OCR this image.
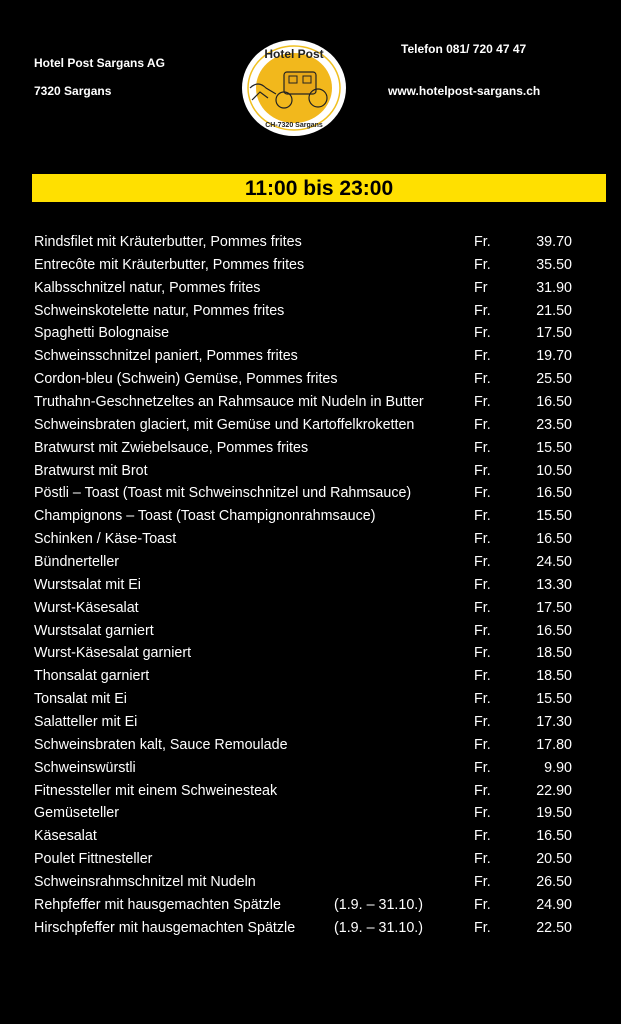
Hotel Post Sargans AG
7320 Sargans
Telefon 081/ 720 47 47
www.hotelpost-sargans.ch
Hotel Post
CH-7320 Sargans
11:00 bis 23:00
Rindsfilet mit Kräuterbutter, Pommes frites	Fr.	39.70
Entrecôte mit Kräuterbutter, Pommes frites	Fr.	35.50
Kalbsschnitzel natur, Pommes frites	Fr	31.90
Schweinskotelette natur, Pommes frites	Fr.	21.50
Spaghetti Bolognaise	Fr.	17.50
Schweinsschnitzel paniert, Pommes frites	Fr.	19.70
Cordon-bleu (Schwein) Gemüse, Pommes frites	Fr.	25.50
Truthahn-Geschnetzeltes an Rahmsauce mit Nudeln in Butter	Fr.	16.50
Schweinsbraten glaciert, mit Gemüse und Kartoffelkroketten	Fr.	23.50
Bratwurst mit Zwiebelsauce, Pommes frites	Fr.	15.50
Bratwurst mit Brot	Fr.	10.50
Pöstli – Toast (Toast mit Schweinschnitzel und Rahmsauce)	Fr.	16.50
Champignons – Toast (Toast Champignonrahmsauce)	Fr.	15.50
Schinken / Käse-Toast	Fr.	16.50
Bündnerteller	Fr.	24.50
Wurstsalat mit Ei	Fr.	13.30
Wurst-Käsesalat	Fr.	17.50
Wurstsalat garniert	Fr.	16.50
Wurst-Käsesalat garniert	Fr.	18.50
Thonsalat garniert	Fr.	18.50
Tonsalat mit Ei	Fr.	15.50
Salatteller mit Ei	Fr.	17.30
Schweinsbraten kalt, Sauce Remoulade	Fr.	17.80
Schweinswürstli	Fr.	9.90
Fitnessteller mit einem Schweinesteak	Fr.	22.90
Gemüseteller	Fr.	19.50
Käsesalat	Fr.	16.50
Poulet Fittnesteller	Fr.	20.50
Schweinsrahmschnitzel mit Nudeln	Fr.	26.50
Rehpfeffer mit hausgemachten Spätzle	(1.9. – 31.10.)	Fr.	24.90
Hirschpfeffer mit hausgemachten Spätzle	(1.9. – 31.10.)	Fr.	22.50
